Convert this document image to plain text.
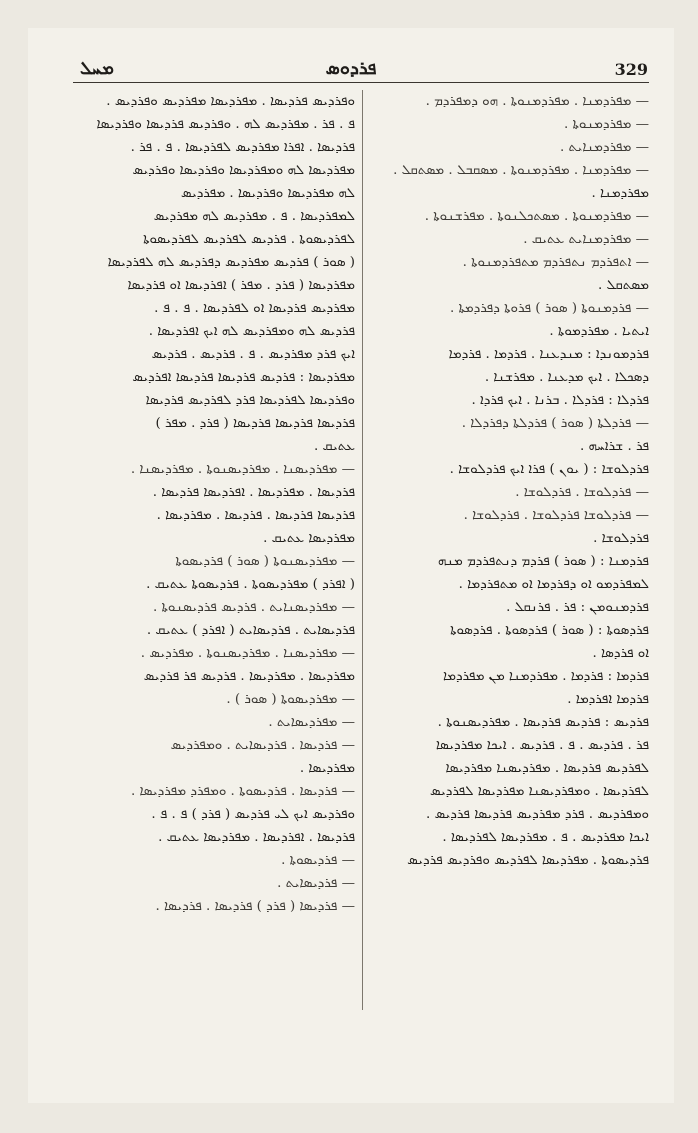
ܡܚܠ	ܦܪܕܘܣ	329
— ܡܦܪܕܡܢܐ . ܡܦܪܕܡܢܘܬܐ . ܗܘ ܕܡܦܪܕܡ .
— ܡܦܪܕܡܢܘܬܐ .
— ܡܦܪܕܡܢܐܝܬ .
— ܡܦܪܕܡܢܐ . ܡܦܪܕܡܢܘܬܐ . ܡܣܩܒܠ . ܡܣܬܩܠ .
ܡܦܪܕܡܢܐ .
— ܡܦܪܕܡܢܘܬܐ . ܡܣܬܟܠܢܘܬܐ . ܡܦܪܫܢܘܬܐ .
— ܡܦܪܕܡܢܐܝܬ ܥܬܝܩ .
— ܐܬܦܪܕܡ ܢܬܦܪܕܡ ܡܬܦܪܕܡܢܘܬܐ .
ܡܣܬܩܠ .
— ܦܪܕܡܢܘܬܐ ( ܣܘܪ ) ܦܪܘܬܐ ܕܦܪܕܡܬܐ .
ܐܝܬܝܐ . ܡܦܪܕܡܘܬܐ .
ܦܪܕܡܘܢܕܐ : ܡܢܕܥܢܐ . ܦܪܕܡܐ . ܦܪܕܡܐ
ܕܣܟܠܐ . ܐܝܟ ܡܕܥܢܐ . ܡܦܪܫܢܐ .
ܦܪܕܠܐ : ܦܪܕܠܐ . ܒܪܢܐ . ܐܝܟ ܦܪܕܐ .
— ܦܪܕܠܬܐ ( ܣܘܪ ) ܦܪܕܠܬܐ ܕܦܪܕܠܐ .
ܦܪ . ܫܪܐܚܗ .
ܦܪܕܠܘܫܐ : ( ܝܘܢ ) ܦܪܐ ܐܝܟ ܦܪܕܠܘܫܐ .
— ܦܪܕܠܘܫܐ . ܦܪܕܠܘܫܐ .
— ܦܪܕܠܘܫܐ ܦܪܕܠܘܫܐ . ܦܪܕܠܘܫܐ .
ܦܪܕܠܘܫܐ .
ܦܪܕܡܢܐ : ( ܣܘܪ ) ܦܪܕܡ ܕܢܬܦܪܕܡ ܡܢܗ
ܠܡܦܪܕܡܘ ܐܘ ܕܦܪܕܡܐ ܐܘ ܡܬܦܪܕܡܐ .
ܦܪܕܡܢܘܡܢ : ܦܪ . ܦܪܢܩܠ .
ܦܪܕܣܘܬܐ : ( ܣܘܪ ) ܦܪܕܣܘܬܐ . ܦܪܕܣܘܬܐ
ܐܘ ܦܪܕܣܐ .
ܦܪܕܡܐ : ܦܪܕܡܐ . ܡܦܪܕܡܢܐ ܡܢ ܡܦܪܕܡܐ
ܦܪܕܡܐ ܐܦܪܕܡܐ .
ܦܪܕܝܣ : ܦܪܕܝܣ ܦܪܕܝܣܐ . ܡܦܪܕܝܣܢܘܬܐ .
ܦܪ . ܦܪܕܝܣ . ܦ . ܦܪܕܝܣ . ܐܝܟܐ ܡܦܪܕܝܣܐ
ܠܦܪܕܝܣ ܦܪܕܝܣܐ . ܡܦܪܕܝܣܢܐ ܡܦܪܕܝܣܐ
ܠܦܪܕܝܣܐ . ܘܡܦܪܕܝܣܢܐ ܡܦܪܕܝܣܐ ܠܦܪܕܝܣ
ܘܡܦܪܕܝܣ . ܦܪܕ ܡܦܪܕܝܣ ܦܪܕܝܣܐ ܦܪܕܝܣ .
ܐܝܟܐ ܡܦܪܕܝܣ . ܦ . ܡܦܪܕܝܣܐ ܠܦܪܕܝܣܐ .
ܦܪܕܝܣܘܬܐ . ܡܦܪܕܝܣܐ ܠܦܪܕܝܣ ܘܦܪܕܝܣ ܦܪܕܝܣ
ܘܦܪܕܝܣ ܦܪܕܝܣܐ . ܡܦܪܕܝܣܐ ܡܦܪܕܝܣ ܘܦܪܕܝܣ .
ܦ . ܦܪ . ܡܦܪܕܝܣ ܠܗ . ܘܦܪܕܝܣ ܦܪܕܝܣܐ ܘܦܪܕܝܣܐ
ܦܪܕܝܣܐ . ܐܦܪܐ ܡܦܪܕܝܣ ܠܦܪܕܝܣܐ . ܦ . ܦܪ .
ܡܦܪܕܝܣܐ ܠܗ ܘܡܦܪܕܝܣܐ ܘܦܪܕܝܣܐ ܘܦܪܕܝܣ
ܠܗ ܡܦܪܕܝܣܐ ܘܦܪܕܝܣܐ . ܡܦܪܕܝܣ
ܠܡܦܪܕܝܣܐ . ܦ . ܡܦܪܕܝܣ ܠܗ ܡܦܪܕܝܣ
ܠܦܪܕܝܣܘܬܐ . ܦܪܕܝܣ ܠܦܪܕܝܣ ܠܦܪܕܝܣܘܬܐ
( ܣܘܪ ) ܦܪܕܝܣ ܡܦܪܕܝܣ ܕܦܪܕܝܣ ܠܗ ܠܦܪܕܝܣܐ
ܡܦܪܕܝܣܐ ( ܦܪܕ . ܡܦܪ ) ܐܦܪܕܝܣܐ ܐܘ ܦܪܕܝܣܐ
ܡܦܪܕܝܣ ܦܪܕܝܣܐ ܐܘ ܠܦܪܕܝܣܐ . ܦ . ܦ .
ܦܪܕܝܣ ܠܗ ܘܡܦܪܕܝܣ ܠܗ ܐܝܟ ܐܦܪܕܝܣܐ .
ܐܝܟ ܦܪܕ ܡܦܪܕܝܣ . ܦ . ܦܪܕܝܣ . ܦܪܕܝܣ
ܡܦܪܕܝܣܐ : ܦܪܕܝܣ ܦܪܕܝܣܐ ܦܪܕܝܣܐ ܐܦܪܕܝܣ
ܘܦܪܕܝܣܐ ܠܦܪܕܝܣܐ ܦܪܕ ܠܦܪܕܝܣ ܦܪܕܝܣܐ
ܦܪܕܝܣܐ ܦܪܕܝܣܐ ܦܪܕܝܣܐ ( ܦܪܕ . ܡܦܪ )
ܥܬܝܩ .
— ܡܦܪܕܝܣܢܐ . ܡܦܪܕܝܣܢܘܬܐ . ܡܦܪܕܝܣܢܐ .
ܦܪܕܝܣܐ . ܡܦܪܕܝܣܐ . ܐܦܪܕܝܣܐ ܦܪܕܝܣܐ .
ܦܪܕܝܣܐ ܦܪܕܝܣܐ . ܦܪܕܝܣܐ . ܡܦܪܕܝܣܐ .
ܡܦܪܕܝܣܐ ܥܬܝܩ .
— ܡܦܪܕܝܣܢܘܬܐ ( ܣܘܪ ) ܦܪܕܝܣܘܬܐ
( ܐܦܪܕ ) ܡܦܪܕܝܣܘܬܐ . ܦܪܕܝܣܘܬܐ ܥܬܝܩ .
— ܡܦܪܕܝܣܢܐܝܬ . ܦܪܕܝܣ ܦܪܕܝܣܢܘܬܐ .
ܦܪܕܝܣܐܝܬ . ܦܪܕܝܣܐܝܬ ( ܐܦܪܕ ) ܥܬܝܩ .
— ܡܦܪܕܝܣܢܐ . ܡܦܪܕܝܣܢܘܬܐ . ܡܦܪܕܝܣ .
ܡܦܪܕܝܣܐ . ܡܦܪܕܝܣܐ . ܦܪܕܝܣ ܦܪ ܦܪܕܝܣ
— ܡܦܪܕܝܣܘܬܐ ( ܣܘܪ ) .
— ܡܦܪܕܝܣܐܝܬ .
— ܦܪܕܝܣܐ . ܦܪܕܝܣܐܝܬ . ܘܡܦܪܕܝܣ
ܡܦܪܕܝܣܐ .
— ܦܪܕܝܣܐ . ܦܪܕܝܣܘܬܐ . ܘܡܦܪܕ ܡܦܪܕܝܣܐ .
ܘܦܪܕܝܣ ܐܝܟ ܠܝ ܦܪܕܝܣ ( ܦܪܕ ) ܦ . ܦ .
ܦܪܕܝܣܐ . ܐܦܪܕܝܣܐ . ܡܦܪܕܝܣܐ ܥܬܝܩ .
— ܦܪܕܝܣܘܬܐ .
— ܦܪܕܝܣܐܝܬ .
— ܦܪܕܝܣܐ ( ܦܪܕ ) ܦܪܕܝܣܐ . ܦܪܕܝܣܐ .
